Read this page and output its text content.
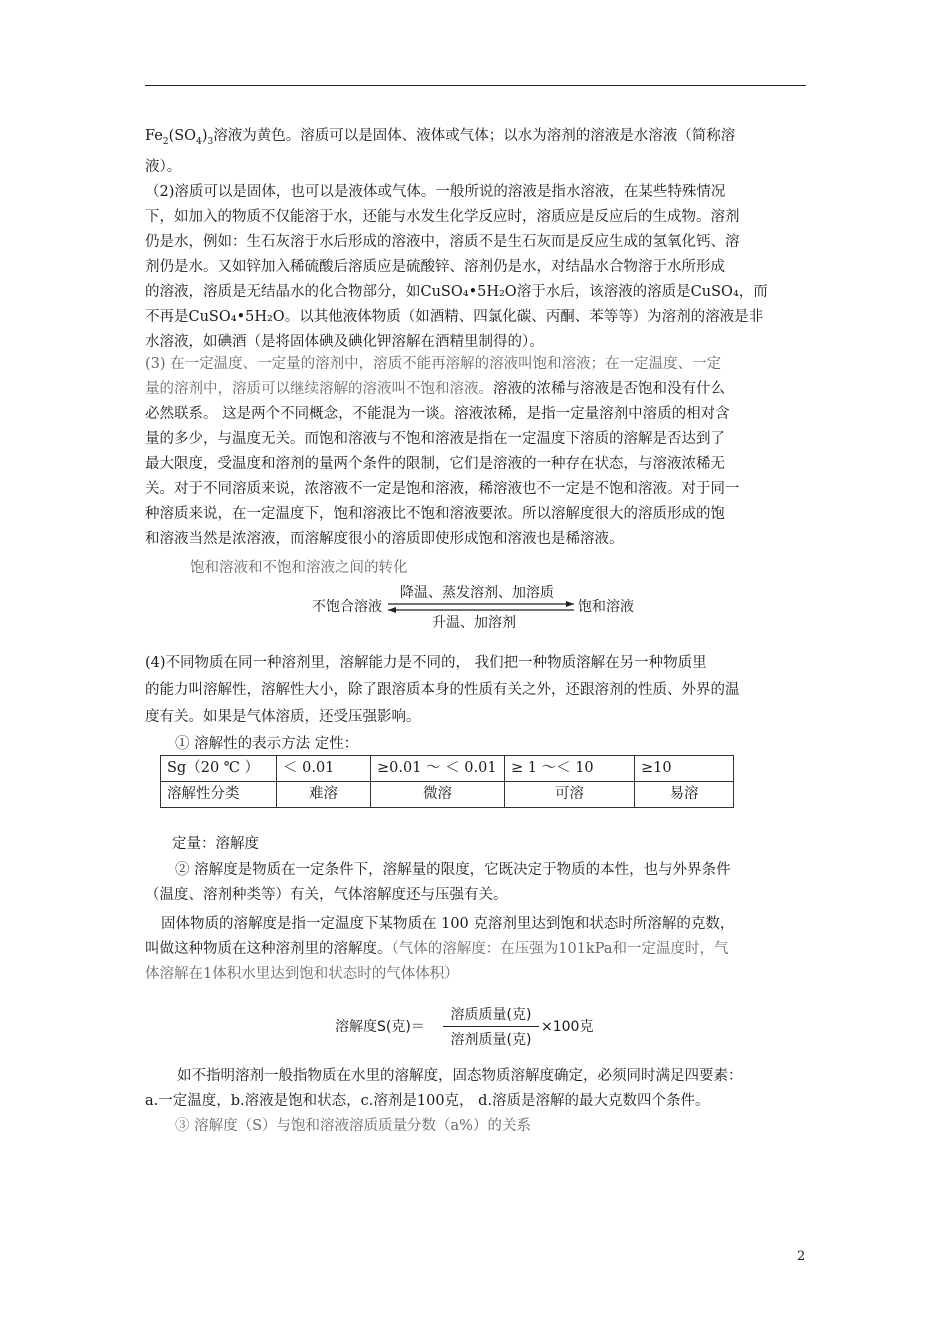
$Fe_2(SO_4)_3$溶液为黄色。溶质可以是固体、液体或气体；以水为溶剂的溶液是水溶液（简称溶

液）。

（2)溶质可以是固体，也可以是液体或气体。一般所说的溶液是指水溶液，在某些特殊情况

下，如加入的物质不仅能溶于水，还能与水发生化学反应时，溶质应是反应后的生成物。溶剂

仍是水，例如：生石灰溶于水后形成的溶液中，溶质不是生石灰而是反应生成的氢氧化钙、溶

剂仍是水。又如锌加入稀硫酸后溶质应是硫酸锌、溶剂仍是水，对结晶水合物溶于水所形成

的溶液，溶质是无结晶水的化合物部分，如CuSO₄•5H₂O溶于水后，该溶液的溶质是CuSO₄，而

不再是CuSO₄•5H₂O。以其他液体物质（如酒精、四氯化碳、丙酮、苯等等）为溶剂的溶液是非

水溶液，如碘酒（是将固体碘及碘化钾溶解在酒精里制得的）。

(3) 在一定温度、一定量的溶剂中，溶质不能再溶解的溶液叫饱和溶液；在一定温度、一定

量的溶剂中，溶质可以继续溶解的溶液叫不饱和溶液。溶液的浓稀与溶液是否饱和没有什么

必然联系。 这是两个不同概念，不能混为一谈。溶液浓稀，是指一定量溶剂中溶质的相对含

量的多少，与温度无关。而饱和溶液与不饱和溶液是指在一定温度下溶质的溶解是否达到了

最大限度，受温度和溶剂的量两个条件的限制，它们是溶液的一种存在状态，与溶液浓稀无

关。对于不同溶质来说，浓溶液不一定是饱和溶液，稀溶液也不一定是不饱和溶液。对于同一

种溶质来说，在一定温度下，饱和溶液比不饱和溶液要浓。所以溶解度很大的溶质形成的饱

和溶液当然是浓溶液，而溶解度很小的溶质即使形成饱和溶液也是稀溶液。

饱和溶液和不饱和溶液之间的转化
不饱合溶液	饱和溶液
降温、蒸发溶剂、加溶质
升温、加溶剂

(4)不同物质在同一种溶剂里，溶解能力是不同的， 我们把一种物质溶解在另一种物质里

的能力叫溶解性，溶解性大小，除了跟溶质本身的性质有关之外，还跟溶剂的性质、外界的温

度有关。如果是气体溶质，还受压强影响。

① 溶解性的表示方法 定性：
Sg（20 ℃ ）	＜ 0.01	≥0.01 ～ ＜ 0.01	≥ 1 ～＜ 10	≥10
溶解性分类	难溶	微溶	可溶	易溶
定量：溶解度

② 溶解度是物质在一定条件下，溶解量的限度，它既决定于物质的本性，也与外界条件

（温度、溶剂种类等）有关，气体溶解度还与压强有关。

固体物质的溶解度是指一定温度下某物质在 100 克溶剂里达到饱和状态时所溶解的克数，

叫做这种物质在这种溶剂里的溶解度。（气体的溶解度：在压强为101kPa和一定温度时，气

体溶解在1体积水里达到饱和状态时的气体体积）

溶解度S(克)＝
溶质质量(克)
溶剂质量(克)
×100克

如不指明溶剂一般指物质在水里的溶解度，固态物质溶解度确定，必须同时满足四要素：

a.一定温度，b.溶液是饱和状态，c.溶剂是100克， d.溶质是溶解的最大克数四个条件。

③ 溶解度（S）与饱和溶液溶质质量分数（a%）的关系
2
